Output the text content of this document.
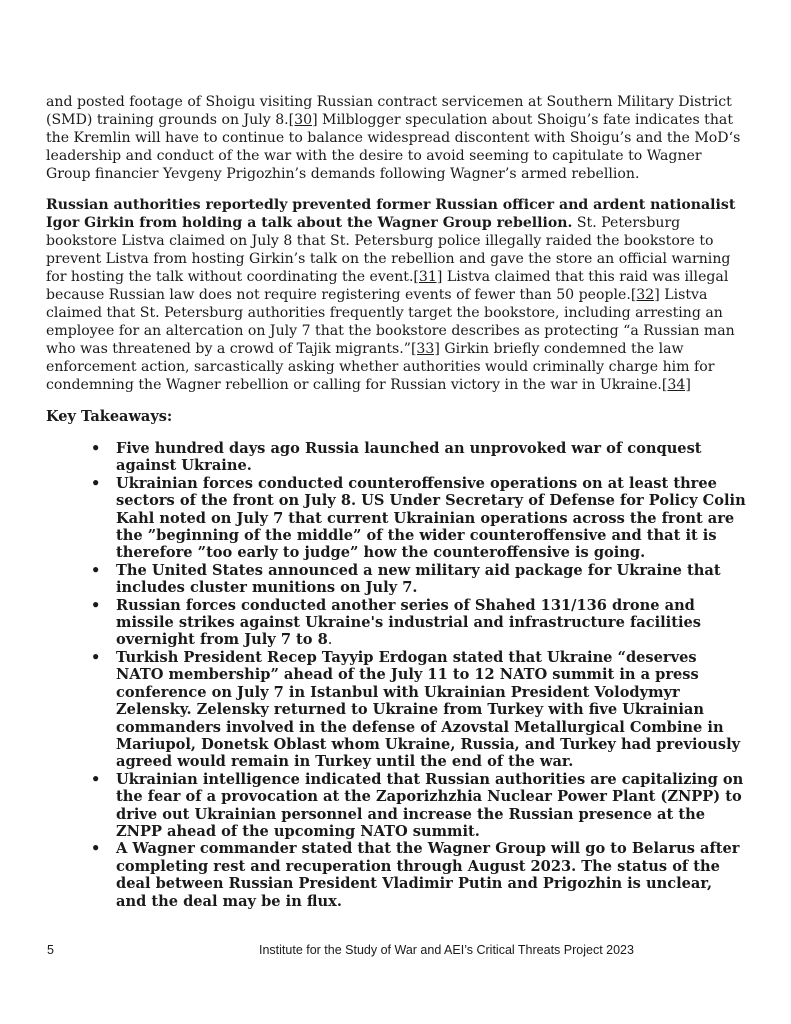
and posted footage of Shoigu visiting Russian contract servicemen at Southern Military District (SMD) training grounds on July 8.[30] Milblogger speculation about Shoigu’s fate indicates that the Kremlin will have to continue to balance widespread discontent with Shoigu’s and the MoD‘s leadership and conduct of the war with the desire to avoid seeming to capitulate to Wagner Group financier Yevgeny Prigozhin’s demands following Wagner’s armed rebellion.

Russian authorities reportedly prevented former Russian officer and ardent nationalist Igor Girkin from holding a talk about the Wagner Group rebellion. St. Petersburg bookstore Listva claimed on July 8 that St. Petersburg police illegally raided the bookstore to prevent Listva from hosting Girkin’s talk on the rebellion and gave the store an official warning for hosting the talk without coordinating the event.[31] Listva claimed that this raid was illegal because Russian law does not require registering events of fewer than 50 people.[32] Listva claimed that St. Petersburg authorities frequently target the bookstore, including arresting an employee for an altercation on July 7 that the bookstore describes as protecting “a Russian man who was threatened by a crowd of Tajik migrants.”[33] Girkin briefly condemned the law enforcement action, sarcastically asking whether authorities would criminally charge him for condemning the Wagner rebellion or calling for Russian victory in the war in Ukraine.[34]

Key Takeaways:

• Five hundred days ago Russia launched an unprovoked war of conquest against Ukraine.
• Ukrainian forces conducted counteroffensive operations on at least three sectors of the front on July 8. US Under Secretary of Defense for Policy Colin Kahl noted on July 7 that current Ukrainian operations across the front are the ”beginning of the middle” of the wider counteroffensive and that it is therefore ”too early to judge” how the counteroffensive is going.
• The United States announced a new military aid package for Ukraine that includes cluster munitions on July 7.
• Russian forces conducted another series of Shahed 131/136 drone and missile strikes against Ukraine's industrial and infrastructure facilities overnight from July 7 to 8.
• Turkish President Recep Tayyip Erdogan stated that Ukraine “deserves NATO membership” ahead of the July 11 to 12 NATO summit in a press conference on July 7 in Istanbul with Ukrainian President Volodymyr Zelensky. Zelensky returned to Ukraine from Turkey with five Ukrainian commanders involved in the defense of Azovstal Metallurgical Combine in Mariupol, Donetsk Oblast whom Ukraine, Russia, and Turkey had previously agreed would remain in Turkey until the end of the war.
• Ukrainian intelligence indicated that Russian authorities are capitalizing on the fear of a provocation at the Zaporizhzhia Nuclear Power Plant (ZNPP) to drive out Ukrainian personnel and increase the Russian presence at the ZNPP ahead of the upcoming NATO summit.
• A Wagner commander stated that the Wagner Group will go to Belarus after completing rest and recuperation through August 2023. The status of the deal between Russian President Vladimir Putin and Prigozhin is unclear, and the deal may be in flux.
5	Institute for the Study of War and AEI’s Critical Threats Project 2023
